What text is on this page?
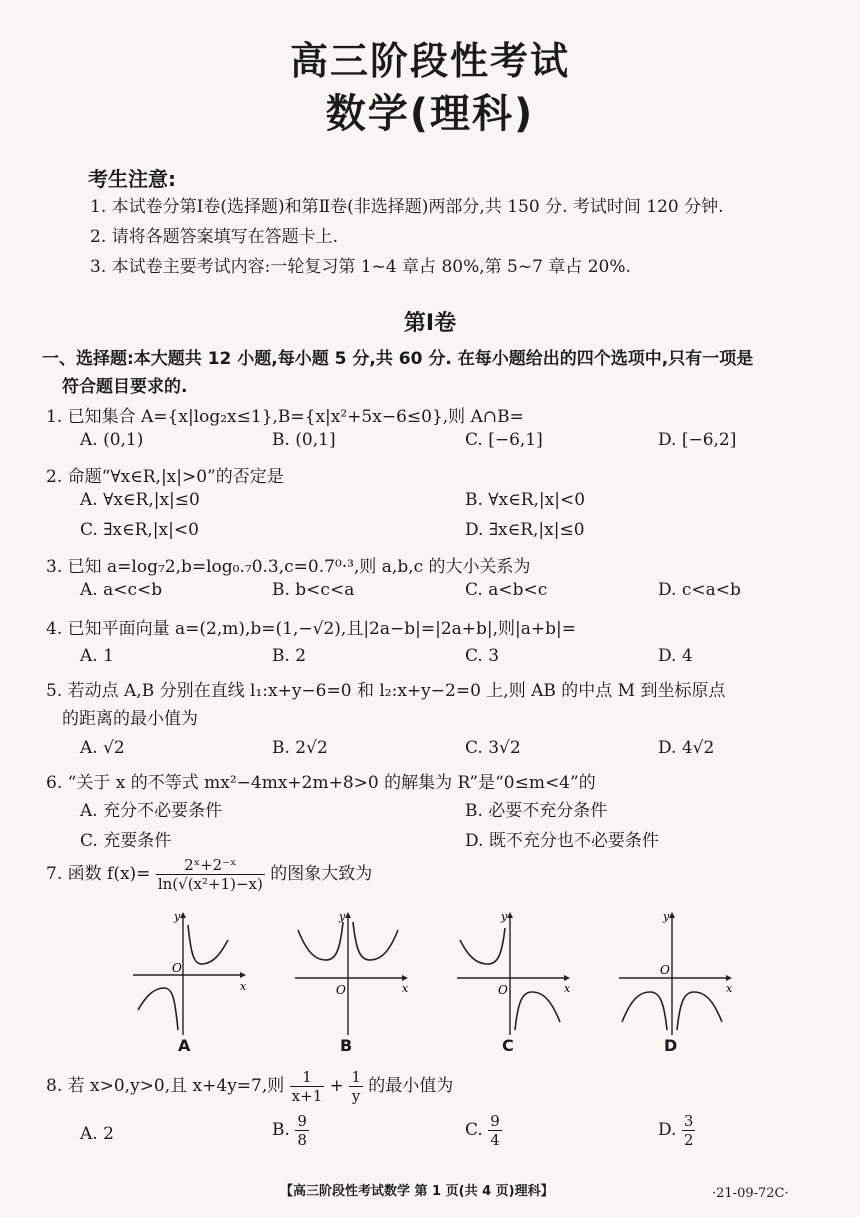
高三阶段性考试
数学(理科)
考生注意:
1. 本试卷分第Ⅰ卷(选择题)和第Ⅱ卷(非选择题)两部分,共 150 分. 考试时间 120 分钟.
2. 请将各题答案填写在答题卡上.
3. 本试卷主要考试内容:一轮复习第 1~4 章占 80%,第 5~7 章占 20%.
第Ⅰ卷
一、选择题:本大题共 12 小题,每小题 5 分,共 60 分. 在每小题给出的四个选项中,只有一项是
符合题目要求的.
1. 已知集合 A={x|log₂x≤1},B={x|x²+5x−6≤0},则 A∩B=
A. (0,1)	B. (0,1]	C. [−6,1]	D. [−6,2]
2. 命题“∀x∈R,|x|>0”的否定是
A. ∀x∈R,|x|≤0	B. ∀x∈R,|x|<0
C. ∃x∈R,|x|<0	D. ∃x∈R,|x|≤0
3. 已知 a=log₇2,b=log₀.₇0.3,c=0.7⁰·³,则 a,b,c 的大小关系为
A. a<c<b	B. b<c<a	C. a<b<c	D. c<a<b
4. 已知平面向量 a=(2,m),b=(1,−√2),且|2a−b|=|2a+b|,则|a+b|=
A. 1	B. 2	C. 3	D. 4
5. 若动点 A,B 分别在直线 l₁:x+y−6=0 和 l₂:x+y−2=0 上,则 AB 的中点 M 到坐标原点
的距离的最小值为
A. √2	B. 2√2	C. 3√2	D. 4√2
6. “关于 x 的不等式 mx²−4mx+2m+8>0 的解集为 R”是“0≤m<4”的
A. 充分不必要条件	B. 必要不充分条件
C. 充要条件	D. 既不充分也不必要条件
7. 函数 $f(x)= \frac{\text{2ˣ+2⁻ˣ}}{\text{ln(√(x²+1)−x)}}$ 的图象大致为
y
x
O
A
y
x
O
B
y
x
O
C
y
x
O
D
8. 若 x>0,y>0,且 x+4y=7,则 $\frac{1}{x+1} + \frac{1}{y}$ 的最小值为
A. 2	B. $\frac{9}{8}$	C. $\frac{9}{4}$	D. $\frac{3}{2}$
【高三阶段性考试数学 第 1 页(共 4 页)理科】	·21-09-72C·
